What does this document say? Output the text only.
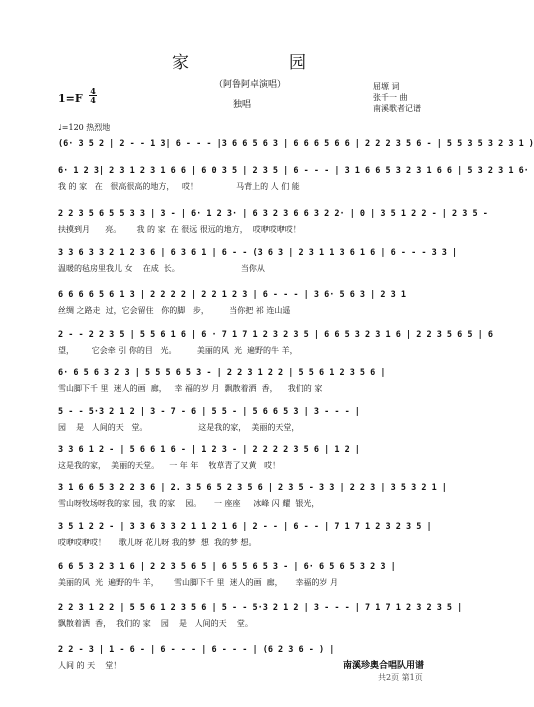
家　　园
（阿鲁阿卓演唱）
1=F
4
4	独唱
屈塬 词
张千一 曲
南溪歌者记谱
♩=120 热烈地
(6· 3 5 2 | 2 - - 1 3| 6 - - - |3 6 6 5 6 3 | 6 6 6 5 6 6 | 2 2 2 3 5 6 - | 5 5 3 5 3 2 3 1 )
6· 1 2 3| 2 3 1 2 3 1 6 6 | 6 0 3 5 | 2 3 5 | 6 - - - | 3 1 6 6 5 3 2 3 1 6 6 | 5 3 2 3 1 6·
我 的 家   在   很高很高的地方，   哎！               马背上的 人 们 能
2 2 3 5 6 5 5 3 3 | 3 - | 6· 1 2 3· | 6 3 2 3 6 6 3 2 2· | 0 | 3 5 1 2 2 - | 2 3 5 -
扶摸到月      亮。      我 的 家  在 很远 很远的地方，  哎咿哎咿哎！
3 3 6 3 3 2 1 2 3 6 | 6 3 6 1 | 6 - - (3 6 3 | 2 3 1 1 3 6 1 6 | 6 - - - 3 3 |
温暖的毡房里我儿 女    在成  长。                        当你从
6 6 6 6 5 6 1 3 | 2 2 2 2 | 2 2 1 2 3 | 6 - - - | 3 6· 5 6 3 | 2 3 1
丝绸 之路走  过，它会留住   你的脚   步，        当你把 祁 连山遥
2 - - 2 2 3 5 | 5 5 6 1 6 | 6 · 7 1 7 1 2 3 2 3 5 | 6 6 5 3 2 3 1 6 | 2 2 3 5 6 5 | 6
望，       它会牵 引 你的目   光。        美丽的风  光  遍野的牛 羊，
6· 6 5 6 3 2 3 | 5 5 5 6 5 3 - | 2 2 3 1 2 2 | 5 5 6 1 2 3 5 6 |
雪山脚下千 里  迷人的画  廊，   幸 福的岁 月  飘散着洒  香，    我们的 家
5 - - 5·3 2 1 2 | 3 - 7 - 6 | 5 5 - | 5 6 6 5 3 | 3 - - - |
园    是   人间的天   堂。                    这是我的家，  美丽的天堂，
3 3 6 1 2 - | 5 6 6 1 6 - | 1 2 3 - | 2 2 2 2 3 5 6 | 1 2 |
这是我的家，  美丽的天堂。    一 年 年    牧草青了又黄   哎！
3 1 6 6 5 3 2 2 3 6 | 2. 3 5 6 5 2 3 5 6 | 2 3 5 - 3 3 | 2 2 3 | 3 5 3 2 1 |
雪山呀牧场呀我的家 园，我 的家    园。     一 座座     冰峰 闪 耀  银光，
3 5 1 2 2 - | 3 3 6 3 3 2 1 1 2 1 6 | 2 - - | 6 - - | 7 1 7 1 2 3 2 3 5 |
哎咿哎咿哎！     歌儿呀 花儿呀 我的梦  想  我的梦 想。
6 6 5 3 2 3 1 6 | 2 2 3 5 6 5 | 6 5 5 6 5 3 - | 6· 6 5 6 5 3 2 3 |
美丽的风  光  遍野的牛 羊，      雪山脚下千 里  迷人的画  廊，     幸福的岁 月
2 2 3 1 2 2 | 5 5 6 1 2 3 5 6 | 5 - - 5·3 2 1 2 | 3 - - - | 7 1 7 1 2 3 2 3 5 |
飘散着洒  香，  我们的 家    园    是   人间的天    堂。
2 2 - 3 | 1 - 6 - | 6 - - - | 6 - - - | (6 2 3 6 - ) |
人间 的 天    堂！	南溪珍奥合唱队用谱
共2页 第1页
